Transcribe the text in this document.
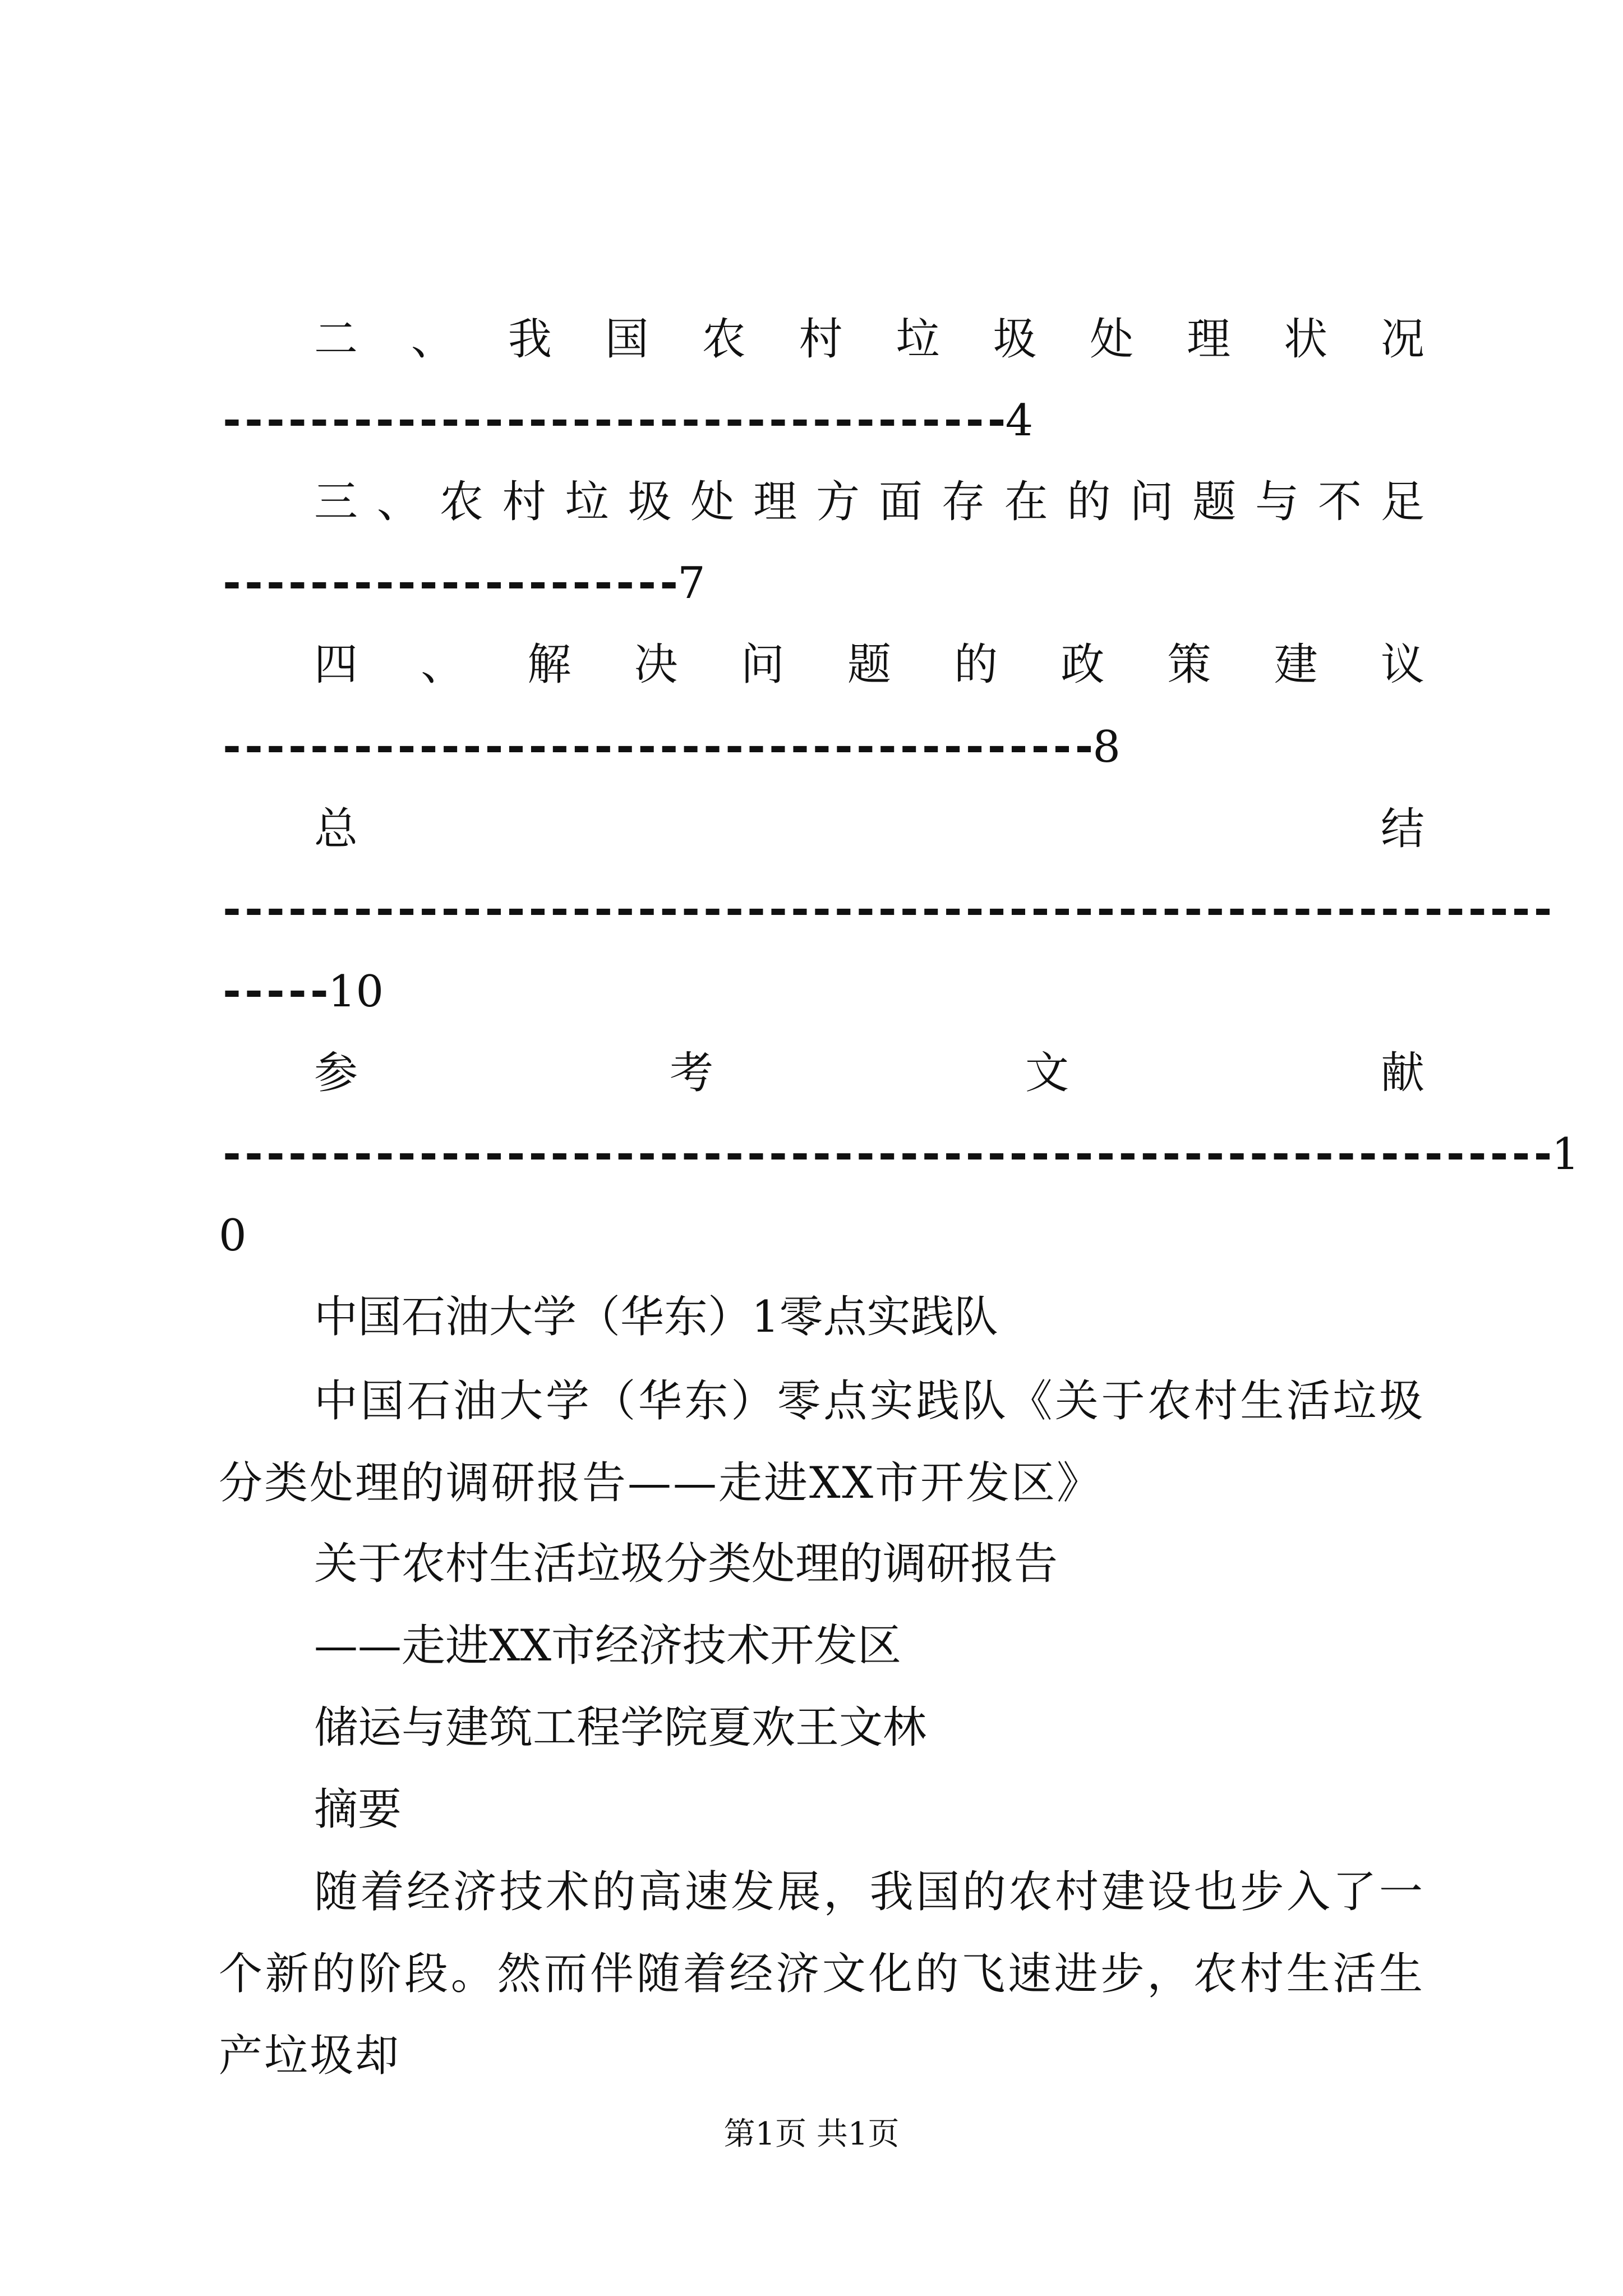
二 、 我 国 农 村 垃 圾 处 理 状 况
------------------------------------4
三 、 农 村 垃 圾 处 理 方 面 存 在 的 问 题 与 不 足
---------------------7
四 、 解 决 问 题 的 政 策 建 议
----------------------------------------8
总	结
-------------------------------------------------------------
-----10
参	考	文	献
-------------------------------------------------------------1
0
中国石油大学（华东）1零点实践队
中国石油大学（华东）零点实践队《关于农村生活垃圾分类处理的调研报告——走进XX市开发区》
关于农村生活垃圾分类处理的调研报告
——走进XX市经济技术开发区
储运与建筑工程学院夏欢王文林
摘要
随着经济技术的高速发展，我国的农村建设也步入了一个新的阶段。然而伴随着经济文化的飞速进步，农村生活生产垃圾却
第1页 共1页
